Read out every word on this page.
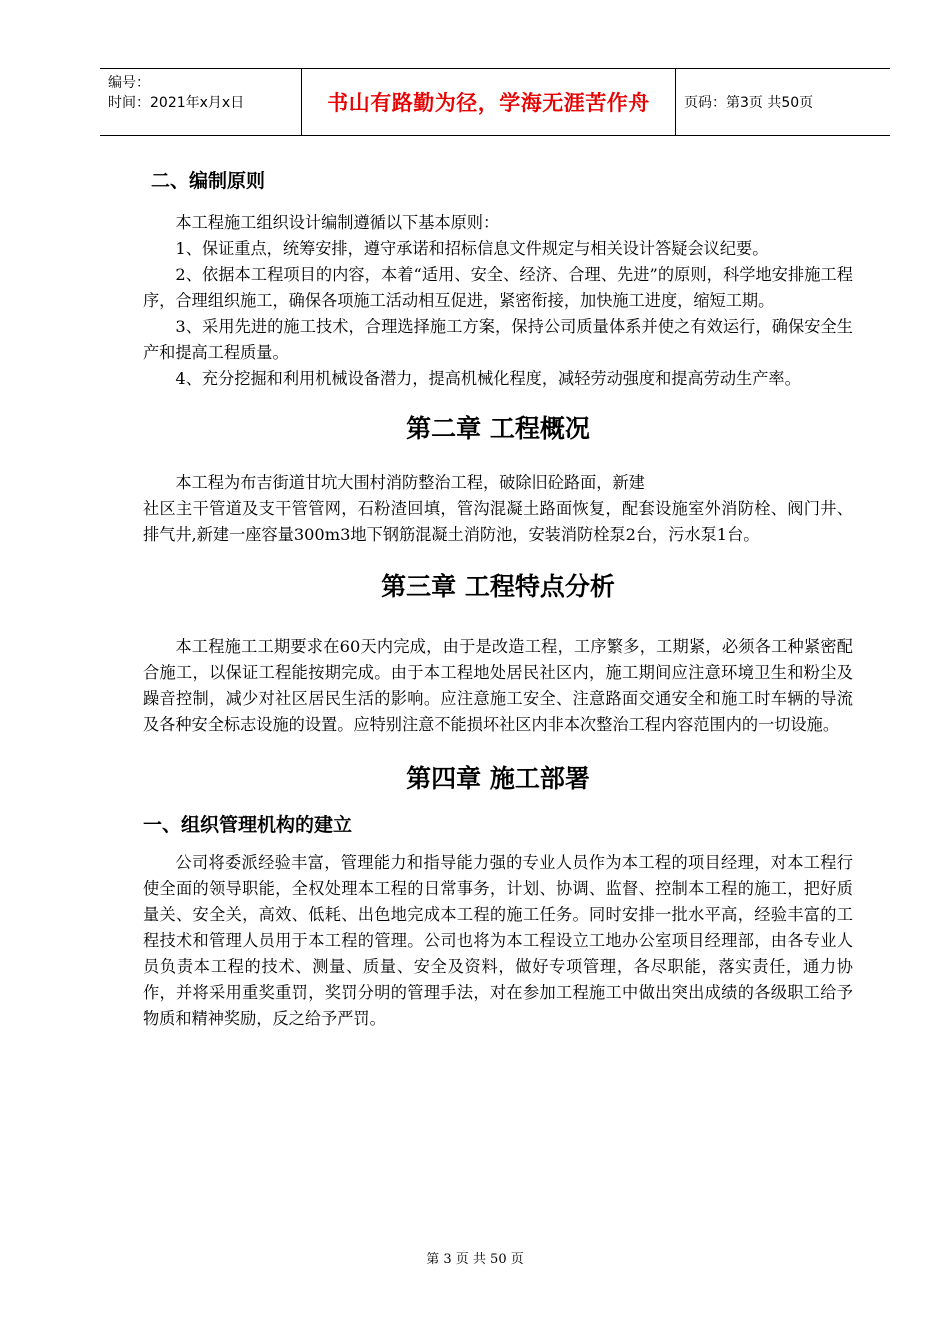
编号：
时间：2021年x月x日	书山有路勤为径，学海无涯苦作舟	页码：第3页 共50页
二、编制原则

本工程施工组织设计编制遵循以下基本原则：

1、保证重点，统筹安排，遵守承诺和招标信息文件规定与相关设计答疑会议纪要。

2、依据本工程项目的内容，本着“适用、安全、经济、合理、先进”的原则，科学地安排施工程序，合理组织施工，确保各项施工活动相互促进，紧密衔接，加快施工进度，缩短工期。

3、采用先进的施工技术，合理选择施工方案，保持公司质量体系并使之有效运行，确保安全生产和提高工程质量。

4、充分挖掘和利用机械设备潜力，提高机械化程度，减轻劳动强度和提高劳动生产率。

第二章 工程概况

本工程为布吉街道甘坑大围村消防整治工程，破除旧砼路面，新建

社区主干管道及支干管管网，石粉渣回填，管沟混凝土路面恢复，配套设施室外消防栓、阀门井、排气井,新建一座容量300m3地下钢筋混凝土消防池，安装消防栓泵2台，污水泵1台。

第三章 工程特点分析

本工程施工工期要求在60天内完成，由于是改造工程，工序繁多，工期紧，必须各工种紧密配合施工，以保证工程能按期完成。由于本工程地处居民社区内，施工期间应注意环境卫生和粉尘及躁音控制，减少对社区居民生活的影响。应注意施工安全、注意路面交通安全和施工时车辆的导流及各种安全标志设施的设置。应特别注意不能损坏社区内非本次整治工程内容范围内的一切设施。

第四章 施工部署
一、组织管理机构的建立

公司将委派经验丰富，管理能力和指导能力强的专业人员作为本工程的项目经理，对本工程行使全面的领导职能，全权处理本工程的日常事务，计划、协调、监督、控制本工程的施工，把好质量关、安全关，高效、低耗、出色地完成本工程的施工任务。同时安排一批水平高，经验丰富的工程技术和管理人员用于本工程的管理。公司也将为本工程设立工地办公室项目经理部，由各专业人员负责本工程的技术、测量、质量、安全及资料，做好专项管理，各尽职能，落实责任，通力协作，并将采用重奖重罚，奖罚分明的管理手法，对在参加工程施工中做出突出成绩的各级职工给予物质和精神奖励，反之给予严罚。

第 3 页 共 50 页
